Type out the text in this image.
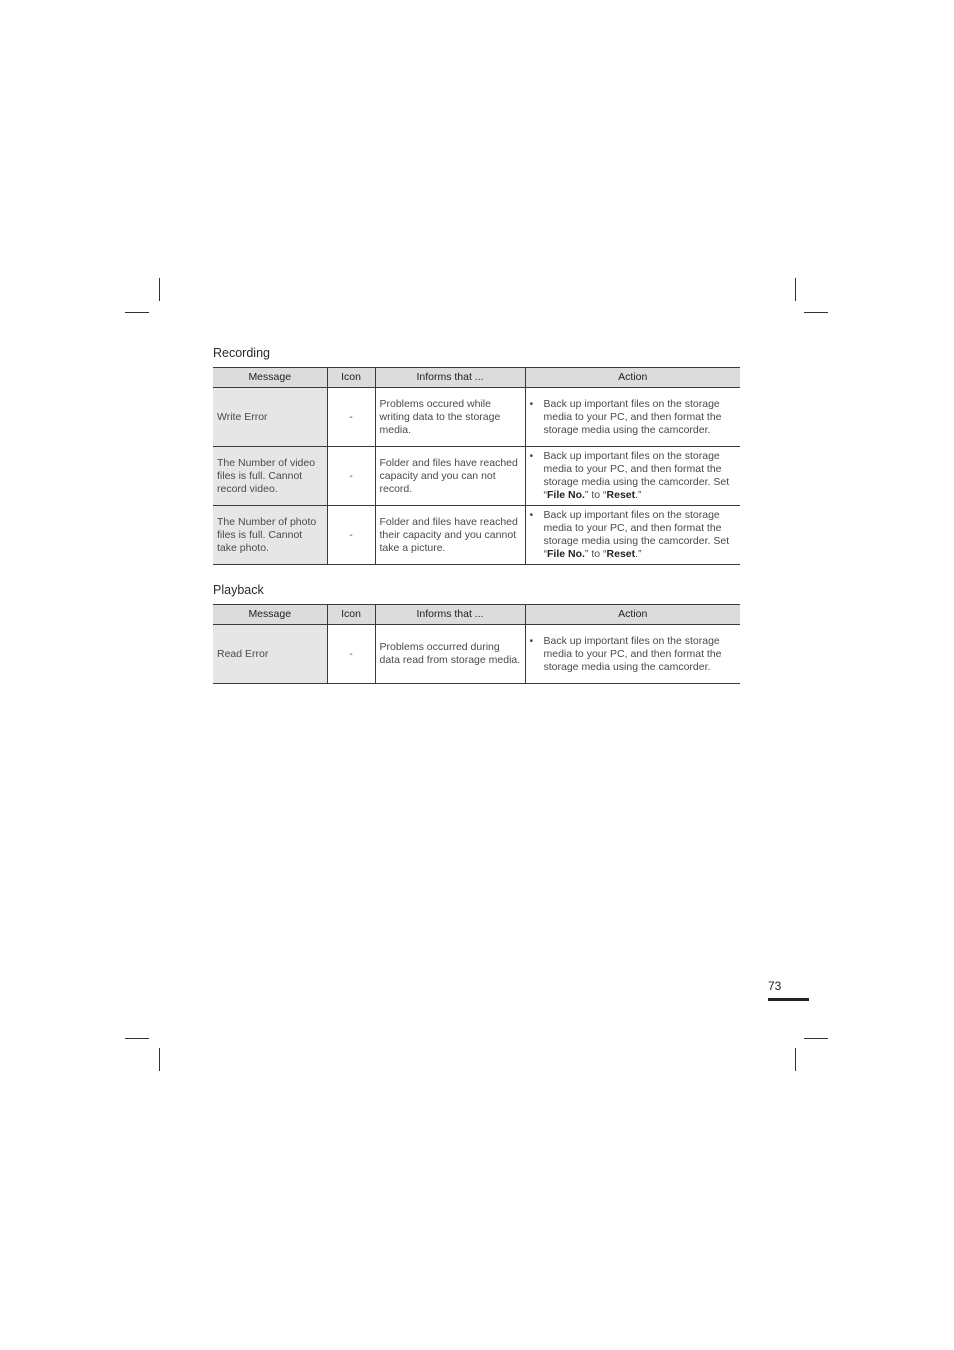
Recording
Message	Icon	Informs that ...	Action
Write Error	-	Problems occured while writing data to the storage media.	• Back up important files on the storage media to your PC, and then format the storage media using the camcorder.

The Number of video files is full. Cannot record video.	-	Folder and files have reached capacity and you can not record.	• Back up important files on the storage media to your PC, and then format the storage media using the camcorder. Set “File No.” to “Reset.”

The Number of photo files is full. Cannot take photo.	-	Folder and files have reached their capacity and you cannot take a picture.	• Back up important files on the storage media to your PC, and then format the storage media using the camcorder. Set “File No.” to “Reset.”
Playback
Message	Icon	Informs that ...	Action
Read Error	-	Problems occurred during data read from storage media.	• Back up important files on the storage media to your PC, and then format the storage media using the camcorder.
73
